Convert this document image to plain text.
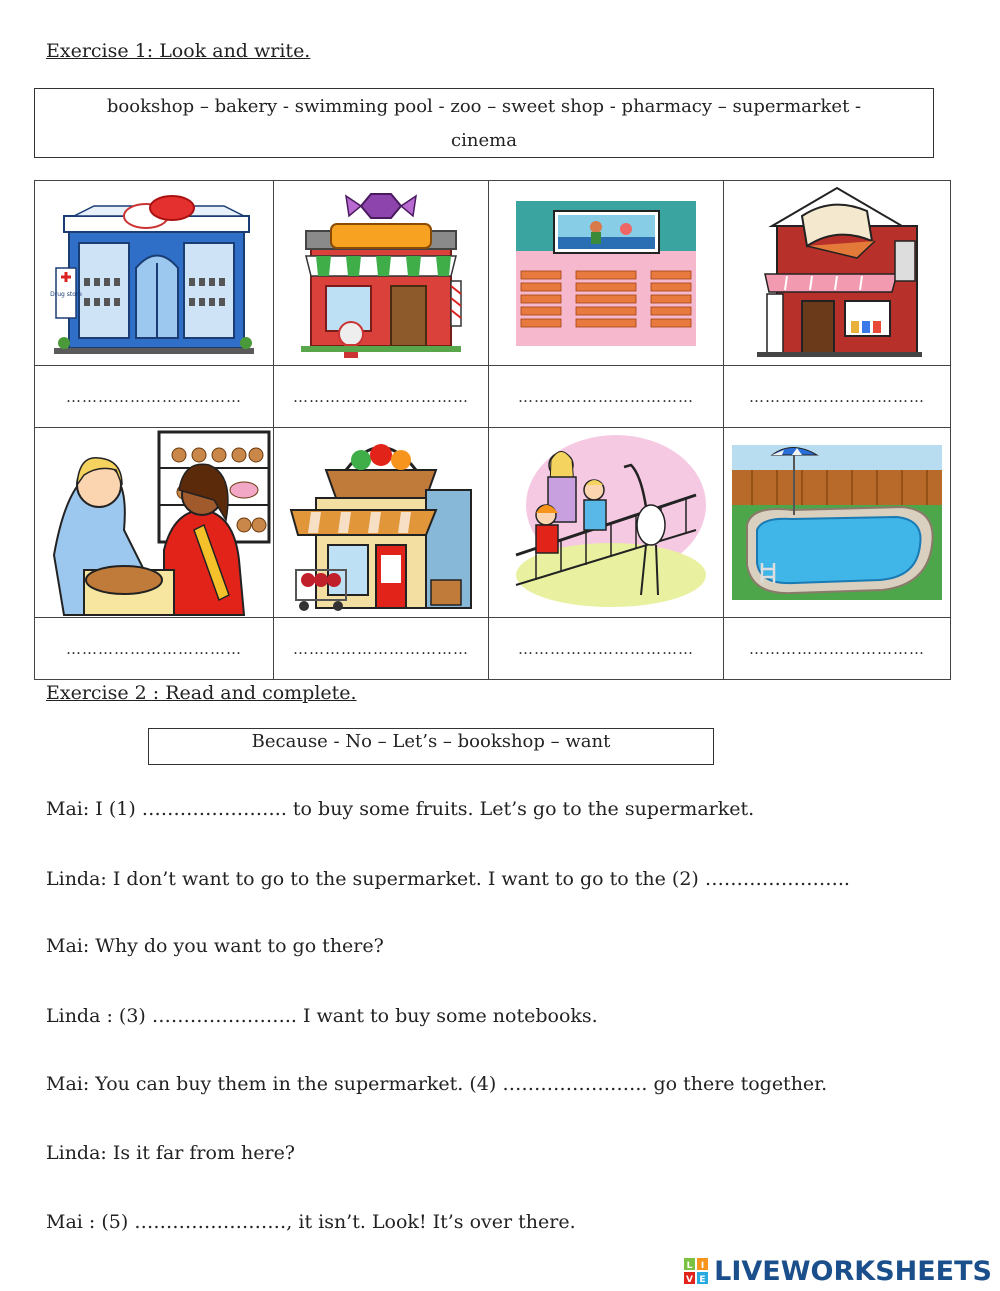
Exercise 1: Look and write.
bookshop – bakery - swimming pool - zoo – sweet shop - pharmacy – supermarket -
cinema
Drug store

……………………………	……………………………	……………………………	……………………………

……………………………	……………………………	……………………………	……………………………
Exercise 2 : Read and complete.
Because - No – Let’s – bookshop – want
Mai: I (1) ………………….. to buy some fruits. Let’s go to the supermarket.
Linda: I don’t want to go to the supermarket. I want to go to the (2) …………………..
Mai: Why do you want to go there?
Linda : (3) ………………….. I want to buy some notebooks.
Mai: You can buy them in the supermarket. (4) ………………….. go there together.
Linda: Is it far from here?
Mai : (5) ……………………, it isn’t. Look! It’s over there.
L I
V E LIVEWORKSHEETS
